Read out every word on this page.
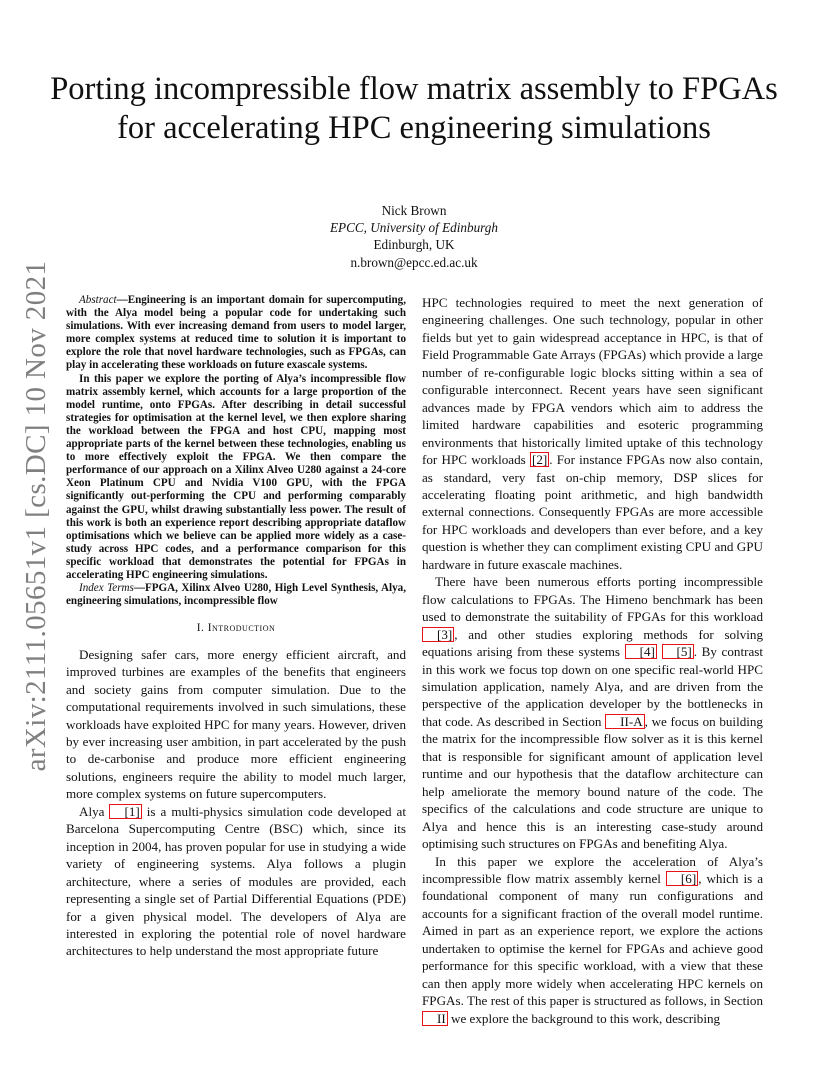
arXiv:2111.05651v1 [cs.DC] 10 Nov 2021
Porting incompressible flow matrix assembly to FPGAs for accelerating HPC engineering simulations
Nick Brown
EPCC, University of Edinburgh
Edinburgh, UK
n.brown@epcc.ed.ac.uk

Abstract—Engineering is an important domain for supercomputing, with the Alya model being a popular code for undertaking such simulations. With ever increasing demand from users to model larger, more complex systems at reduced time to solution it is important to explore the role that novel hardware technologies, such as FPGAs, can play in accelerating these workloads on future exascale systems.

In this paper we explore the porting of Alya’s incompressible flow matrix assembly kernel, which accounts for a large proportion of the model runtime, onto FPGAs. After describing in detail successful strategies for optimisation at the kernel level, we then explore sharing the workload between the FPGA and host CPU, mapping most appropriate parts of the kernel between these technologies, enabling us to more effectively exploit the FPGA. We then compare the performance of our approach on a Xilinx Alveo U280 against a 24-core Xeon Platinum CPU and Nvidia V100 GPU, with the FPGA significantly out-performing the CPU and performing comparably against the GPU, whilst drawing substantially less power. The result of this work is both an experience report describing appropriate dataflow optimisations which we believe can be applied more widely as a case-study across HPC codes, and a performance comparison for this specific workload that demonstrates the potential for FPGAs in accelerating HPC engineering simulations.

Index Terms—FPGA, Xilinx Alveo U280, High Level Synthesis, Alya, engineering simulations, incompressible flow

I. Introduction

Designing safer cars, more energy efficient aircraft, and improved turbines are examples of the benefits that engineers and society gains from computer simulation. Due to the computational requirements involved in such simulations, these workloads have exploited HPC for many years. However, driven by ever increasing user ambition, in part accelerated by the push to de-carbonise and produce more efficient engineering solutions, engineers require the ability to model much larger, more complex systems on future supercomputers.

Alya [1] is a multi-physics simulation code developed at Barcelona Supercomputing Centre (BSC) which, since its inception in 2004, has proven popular for use in studying a wide variety of engineering systems. Alya follows a plugin architecture, where a series of modules are provided, each representing a single set of Partial Differential Equations (PDE) for a given physical model. The developers of Alya are interested in exploring the potential role of novel hardware architectures to help understand the most appropriate future

HPC technologies required to meet the next generation of engineering challenges. One such technology, popular in other fields but yet to gain widespread acceptance in HPC, is that of Field Programmable Gate Arrays (FPGAs) which provide a large number of re-configurable logic blocks sitting within a sea of configurable interconnect. Recent years have seen significant advances made by FPGA vendors which aim to address the limited hardware capabilities and esoteric programming environments that historically limited uptake of this technology for HPC workloads [2] . For instance FPGAs now also contain, as standard, very fast on-chip memory, DSP slices for accelerating floating point arithmetic, and high bandwidth external connections. Consequently FPGAs are more accessible for HPC workloads and developers than ever before, and a key question is whether they can compliment existing CPU and GPU hardware in future exascale machines.

There have been numerous efforts porting incompressible flow calculations to FPGAs. The Himeno benchmark has been used to demonstrate the suitability of FPGAs for this workload [3] , and other studies exploring methods for solving equations arising from these systems [4] [5] . By contrast in this work we focus top down on one specific real-world HPC simulation application, namely Alya, and are driven from the perspective of the application developer by the bottlenecks in that code. As described in Section II-A , we focus on building the matrix for the incompressible flow solver as it is this kernel that is responsible for significant amount of application level runtime and our hypothesis that the dataflow architecture can help ameliorate the memory bound nature of the code. The specifics of the calculations and code structure are unique to Alya and hence this is an interesting case-study around optimising such structures on FPGAs and benefiting Alya.

In this paper we explore the acceleration of Alya’s incompressible flow matrix assembly kernel [6] , which is a foundational component of many run configurations and accounts for a significant fraction of the overall model runtime. Aimed in part as an experience report, we explore the actions undertaken to optimise the kernel for FPGAs and achieve good performance for this specific workload, with a view that these can then apply more widely when accelerating HPC kernels on FPGAs. The rest of this paper is structured as follows, in Section II we explore the background to this work, describing
